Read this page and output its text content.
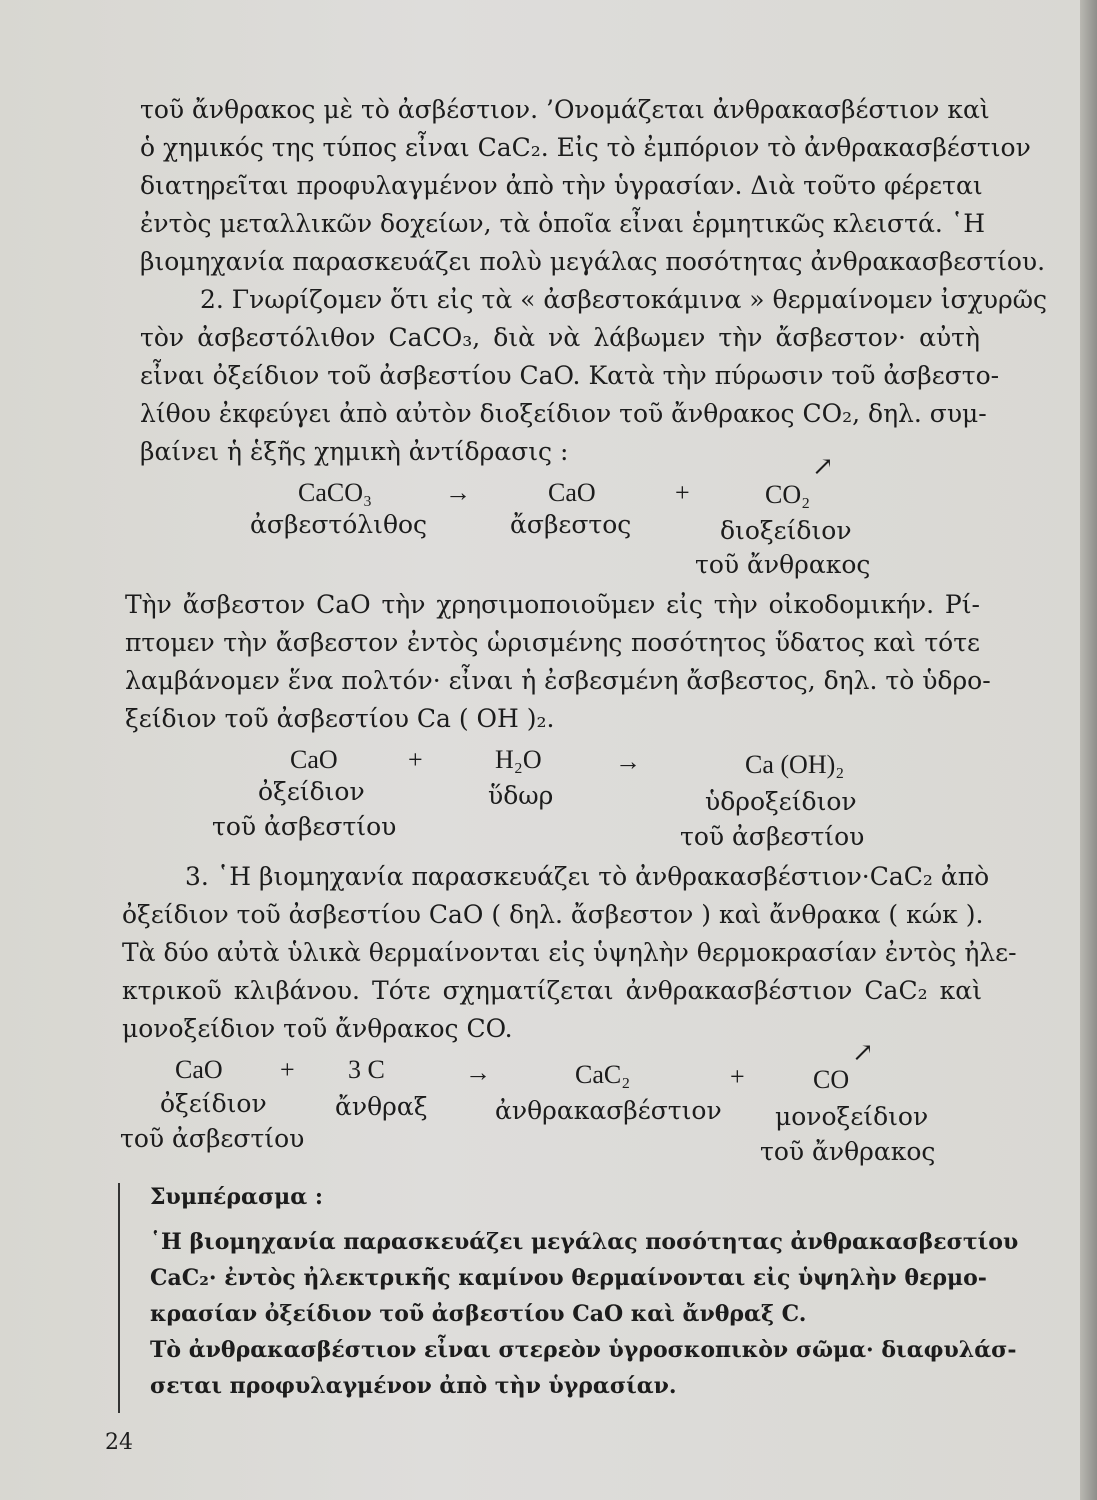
τοῦ ἄνθρακος μὲ τὸ ἀσβέστιον. ’Ονομάζεται ἀνθρακασβέστιον καὶ
ὁ χημικός της τύπος εἶναι CaC₂. Εἰς τὸ ἐμπόριον τὸ ἀνθρακασβέστιον
διατηρεῖται προφυλαγμένον ἀπὸ τὴν ὑγρασίαν. Διὰ τοῦτο φέρεται
ἐντὸς μεταλλικῶν δοχείων, τὰ ὁποῖα εἶναι ἑρμητικῶς κλειστά. ῾Η
βιομηχανία παρασκευάζει πολὺ μεγάλας ποσότητας ἀνθρακασβεστίου.
2. Γνωρίζομεν ὅτι εἰς τὰ « ἀσβεστοκάμινα » θερμαίνομεν ἰσχυρῶς
τὸν ἀσβεστόλιθον CaCO₃, διὰ νὰ λάβωμεν τὴν ἄσβεστον· αὐτὴ
εἶναι ὀξείδιον τοῦ ἀσβεστίου CaO. Κατὰ τὴν πύρωσιν τοῦ ἀσβεστο-
λίθου ἐκφεύγει ἀπὸ αὐτὸν διοξείδιον τοῦ ἄνθρακος CO₂, δηλ. συμ-
βαίνει ἡ ἑξῆς χημικὴ ἀντίδρασις :
CaCO₃
ἀσβεστόλιθος
→	CaO
ἄσβεστος
+	CO₂
↗
διοξείδιον
τοῦ ἄνθρακος
Τὴν ἄσβεστον CaO τὴν χρησιμοποιοῦμεν εἰς τὴν οἰκοδομικήν. Ρί-
πτομεν τὴν ἄσβεστον ἐντὸς ὡρισμένης ποσότητος ὕδατος καὶ τότε
λαμβάνομεν ἕνα πολτόν· εἶναι ἡ ἐσβεσμένη ἄσβεστος, δηλ. τὸ ὑδρο-
ξείδιον τοῦ ἀσβεστίου Ca ( OH )₂.
CaO
ὀξείδιον
τοῦ ἀσβεστίου
+	H₂O
ὕδωρ
→	Ca (OH)₂
ὑδροξείδιον
τοῦ ἀσβεστίου
3. ῾Η βιομηχανία παρασκευάζει τὸ ἀνθρακασβέστιον·CaC₂ ἀπὸ
ὀξείδιον τοῦ ἀσβεστίου CaO ( δηλ. ἄσβεστον ) καὶ ἄνθρακα ( κώκ ).
Τὰ δύο αὐτὰ ὑλικὰ θερμαίνονται εἰς ὑψηλὴν θερμοκρασίαν ἐντὸς ἠλε-
κτρικοῦ κλιβάνου. Τότε σχηματίζεται ἀνθρακασβέστιον CaC₂ καὶ
μονοξείδιον τοῦ ἄνθρακος CO.
CaO
ὀξείδιον
τοῦ ἀσβεστίου
+ 3 C
ἄνθραξ
→	CaC₂
ἀνθρακασβέστιον
+	CO
↗
μονοξείδιον
τοῦ ἄνθρακος
Συμπέρασμα :
῾Η βιομηχανία παρασκευάζει μεγάλας ποσότητας ἀνθρακασβεστίου
CaC₂· ἐντὸς ἠλεκτρικῆς καμίνου θερμαίνονται εἰς ὑψηλὴν θερμο-
κρασίαν ὀξείδιον τοῦ ἀσβεστίου CaO καὶ ἄνθραξ C.
Τὸ ἀνθρακασβέστιον εἶναι στερεὸν ὑγροσκοπικὸν σῶμα· διαφυλάσ-
σεται προφυλαγμένον ἀπὸ τὴν ὑγρασίαν.
24
